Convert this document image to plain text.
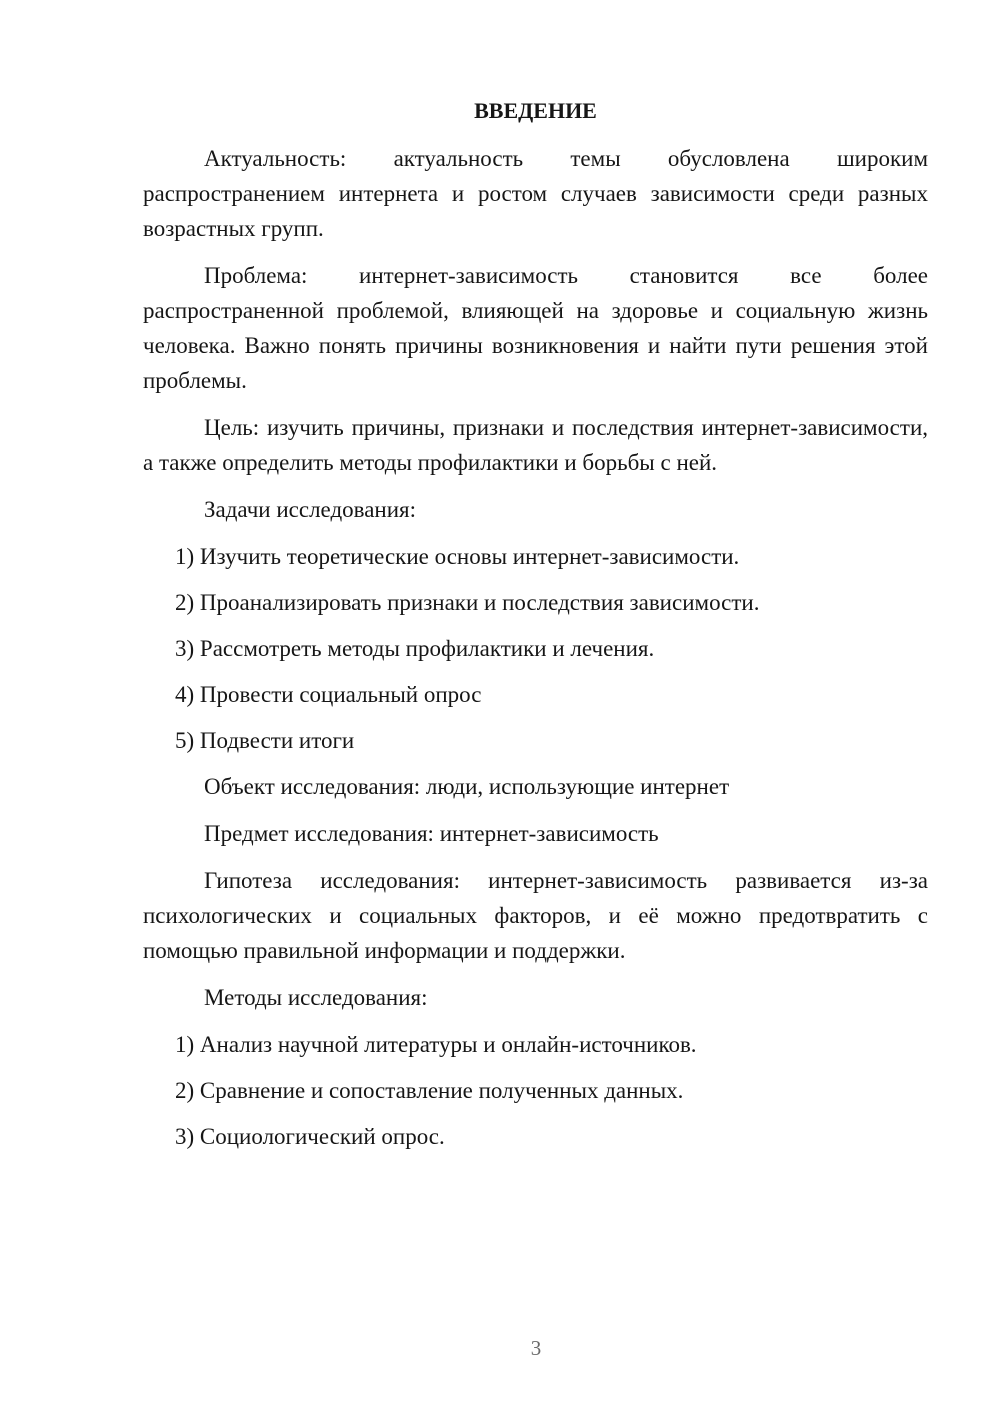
ВВЕДЕНИЕ

Актуальность: актуальность темы обусловлена широким распространением интернета и ростом случаев зависимости среди разных возрастных групп.

Проблема: интернет-зависимость становится все более распространенной проблемой, влияющей на здоровье и социальную жизнь человека. Важно понять причины возникновения и найти пути решения этой проблемы.

Цель: изучить причины, признаки и последствия интернет-зависимости, а также определить методы профилактики и борьбы с ней.

Задачи исследования:

1) Изучить теоретические основы интернет-зависимости.
2) Проанализировать признаки и последствия зависимости.
3) Рассмотреть методы профилактики и лечения.
4) Провести социальный опрос
5) Подвести итоги

Объект исследования: люди, использующие интернет

Предмет исследования: интернет-зависимость

Гипотеза исследования: интернет-зависимость развивается из-за психологических и социальных факторов, и её можно предотвратить с помощью правильной информации и поддержки.

Методы исследования:

1) Анализ научной литературы и онлайн-источников.
2) Сравнение и сопоставление полученных данных.
3) Социологический опрос.
3
